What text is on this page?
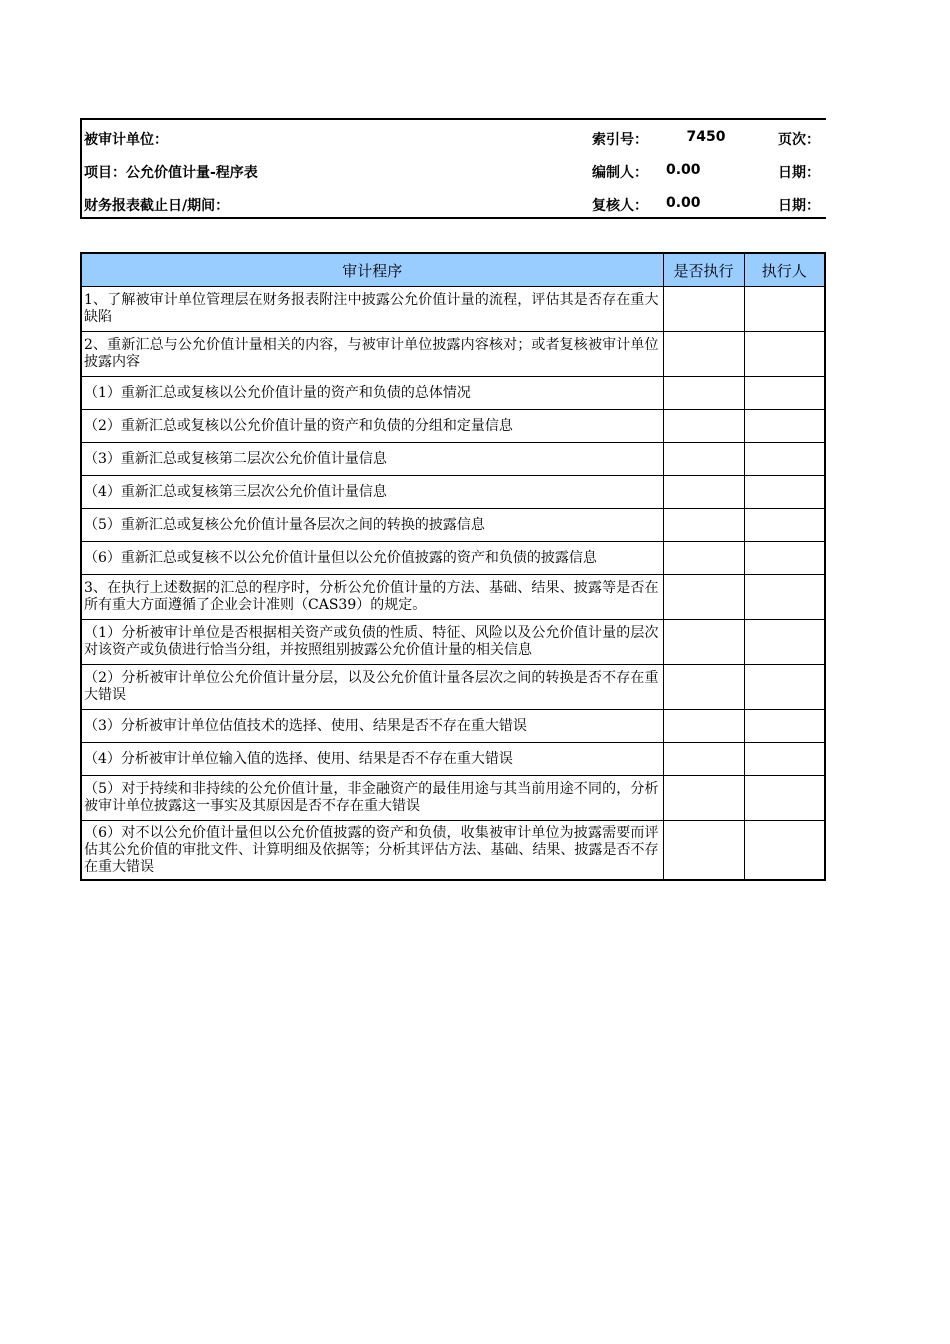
被审计单位：	索引号：	7450	页次：
项目：公允价值计量-程序表	编制人： 0.00	日期：
财务报表截止日/期间：	复核人： 0.00	日期：
审计程序	是否执行	执行人
1、了解被审计单位管理层在财务报表附注中披露公允价值计量的流程，评估其是否存在重大缺陷		
2、重新汇总与公允价值计量相关的内容，与被审计单位披露内容核对；或者复核被审计单位披露内容		
（1）重新汇总或复核以公允价值计量的资产和负债的总体情况		
（2）重新汇总或复核以公允价值计量的资产和负债的分组和定量信息		
（3）重新汇总或复核第二层次公允价值计量信息		
（4）重新汇总或复核第三层次公允价值计量信息		
（5）重新汇总或复核公允价值计量各层次之间的转换的披露信息		
（6）重新汇总或复核不以公允价值计量但以公允价值披露的资产和负债的披露信息		
3、在执行上述数据的汇总的程序时，分析公允价值计量的方法、基础、结果、披露等是否在所有重大方面遵循了企业会计准则（CAS39）的规定。		
（1）分析被审计单位是否根据相关资产或负债的性质、特征、风险以及公允价值计量的层次对该资产或负债进行恰当分组，并按照组别披露公允价值计量的相关信息		
（2）分析被审计单位公允价值计量分层，以及公允价值计量各层次之间的转换是否不存在重大错误		
（3）分析被审计单位估值技术的选择、使用、结果是否不存在重大错误		
（4）分析被审计单位输入值的选择、使用、结果是否不存在重大错误		
（5）对于持续和非持续的公允价值计量，非金融资产的最佳用途与其当前用途不同的，分析被审计单位披露这一事实及其原因是否不存在重大错误		
（6）对不以公允价值计量但以公允价值披露的资产和负债，收集被审计单位为披露需要而评估其公允价值的审批文件、计算明细及依据等；分析其评估方法、基础、结果、披露是否不存在重大错误		
